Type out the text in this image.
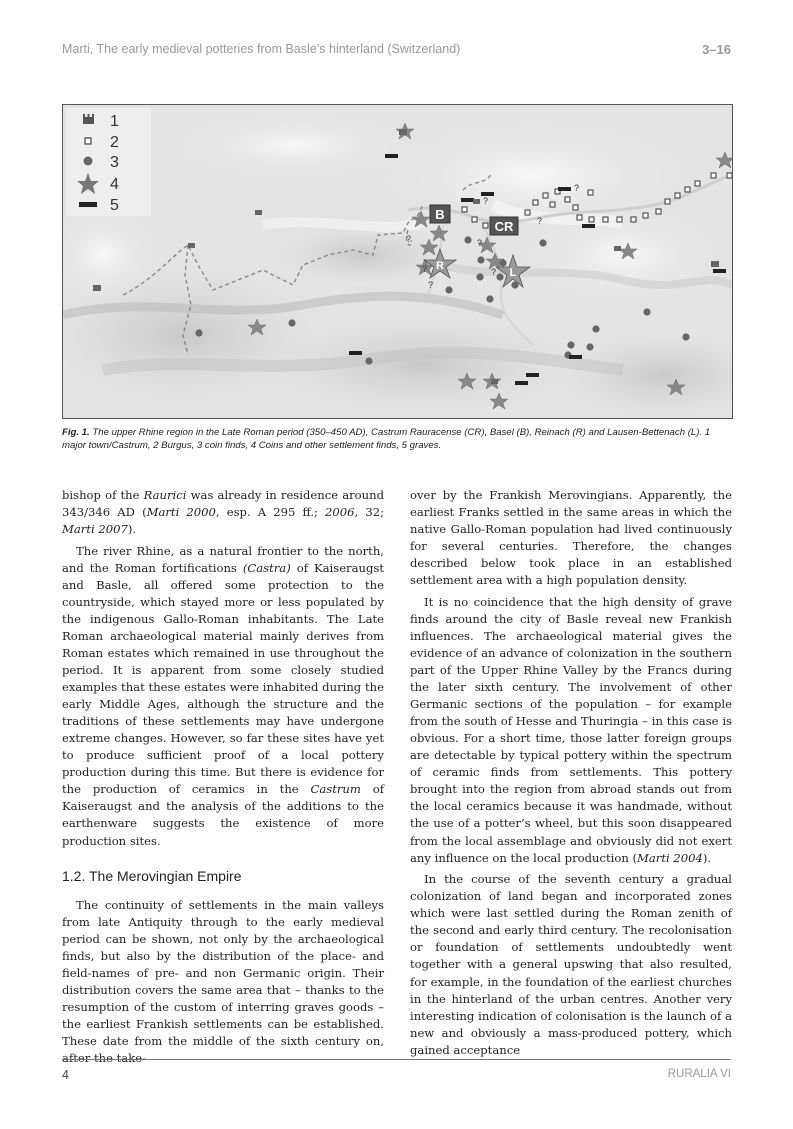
Marti, The early medieval potteries from Basle’s hinterland (Switzerland)	3–16
B
CR
R
L
?
?
?
?
?
?
?
?
1
2
3
4
5
Fig. 1. The upper Rhine region in the Late Roman period (350–450 AD), Castrum Rauracense (CR), Basel (B), Reinach (R) and Lausen-Bettenach (L). 1 major town/Castrum, 2 Burgus, 3 coin finds, 4 Coins and other settlement finds, 5 graves.

bishop of the Raurici was already in residence around 343/346 AD (Marti 2000, esp. A 295 ff.; 2006, 32; Marti 2007).

The river Rhine, as a natural frontier to the north, and the Roman fortifications (Castra) of Kaiseraugst and Basle, all offered some protection to the countryside, which stayed more or less populated by the indigenous Gallo-Roman inhabitants. The Late Roman archaeological material mainly derives from Roman estates which remained in use throughout the period. It is apparent from some closely studied examples that these estates were inhabited during the early Middle Ages, although the structure and the traditions of these settlements may have undergone extreme changes. However, so far these sites have yet to produce sufficient proof of a local pottery production during this time. But there is evidence for the production of ceramics in the Castrum of Kaiseraugst and the analysis of the additions to the earthenware suggests the existence of more production sites.

1.2. The Merovingian Empire

The continuity of settlements in the main valleys from late Antiquity through to the early medieval period can be shown, not only by the archaeological finds, but also by the distribution of the place- and field-names of pre- and non Germanic origin. Their distribution covers the same area that – thanks to the resumption of the custom of interring graves goods – the earliest Frankish settlements can be established. These date from the middle of the sixth century on, after the take-

over by the Frankish Merovingians. Apparently, the earliest Franks settled in the same areas in which the native Gallo-Roman population had lived continuously for several centuries. Therefore, the changes described below took place in an established settlement area with a high population density.

It is no coincidence that the high density of grave finds around the city of Basle reveal new Frankish influences. The archaeological material gives the evidence of an advance of colonization in the southern part of the Upper Rhine Valley by the Francs during the later sixth century. The involvement of other Germanic sections of the population – for example from the south of Hesse and Thuringia – in this case is obvious. For a short time, those latter foreign groups are detectable by typical pottery within the spectrum of ceramic finds from settlements. This pottery brought into the region from abroad stands out from the local ceramics because it was handmade, without the use of a potter’s wheel, but this soon disappeared from the local assemblage and obviously did not exert any influence on the local production (Marti 2004).

In the course of the seventh century a gradual colonization of land began and incorporated zones which were last settled during the Roman zenith of the second and early third century. The recolonisation or foundation of settlements undoubtedly went together with a general upswing that also resulted, for example, in the foundation of the earliest churches in the hinterland of the urban centres. Another very interesting indication of colonisation is the launch of a new and obviously a mass-produced pottery, which gained acceptance

4	RURALIA VI
